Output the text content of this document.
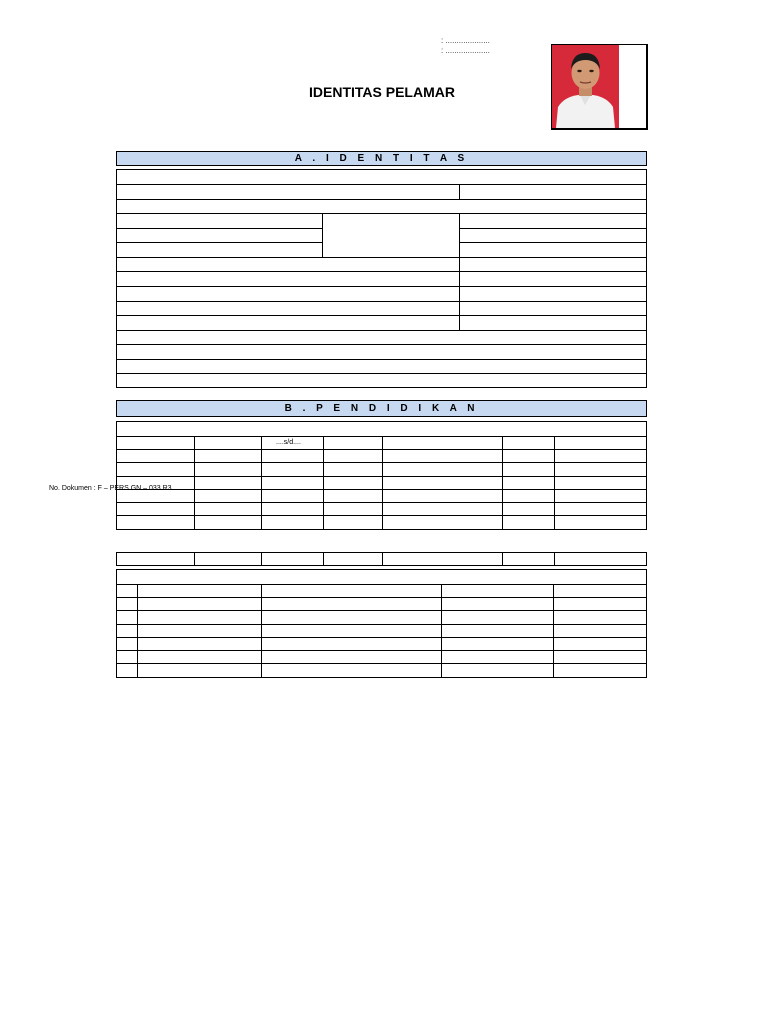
: ....................
: ....................
IDENTITAS PELAMAR
A . I D E N T I T A S
B . P E N D I D I K A N
....s/d....
No. Dokumen : F – PERS.GN – 033.R3
